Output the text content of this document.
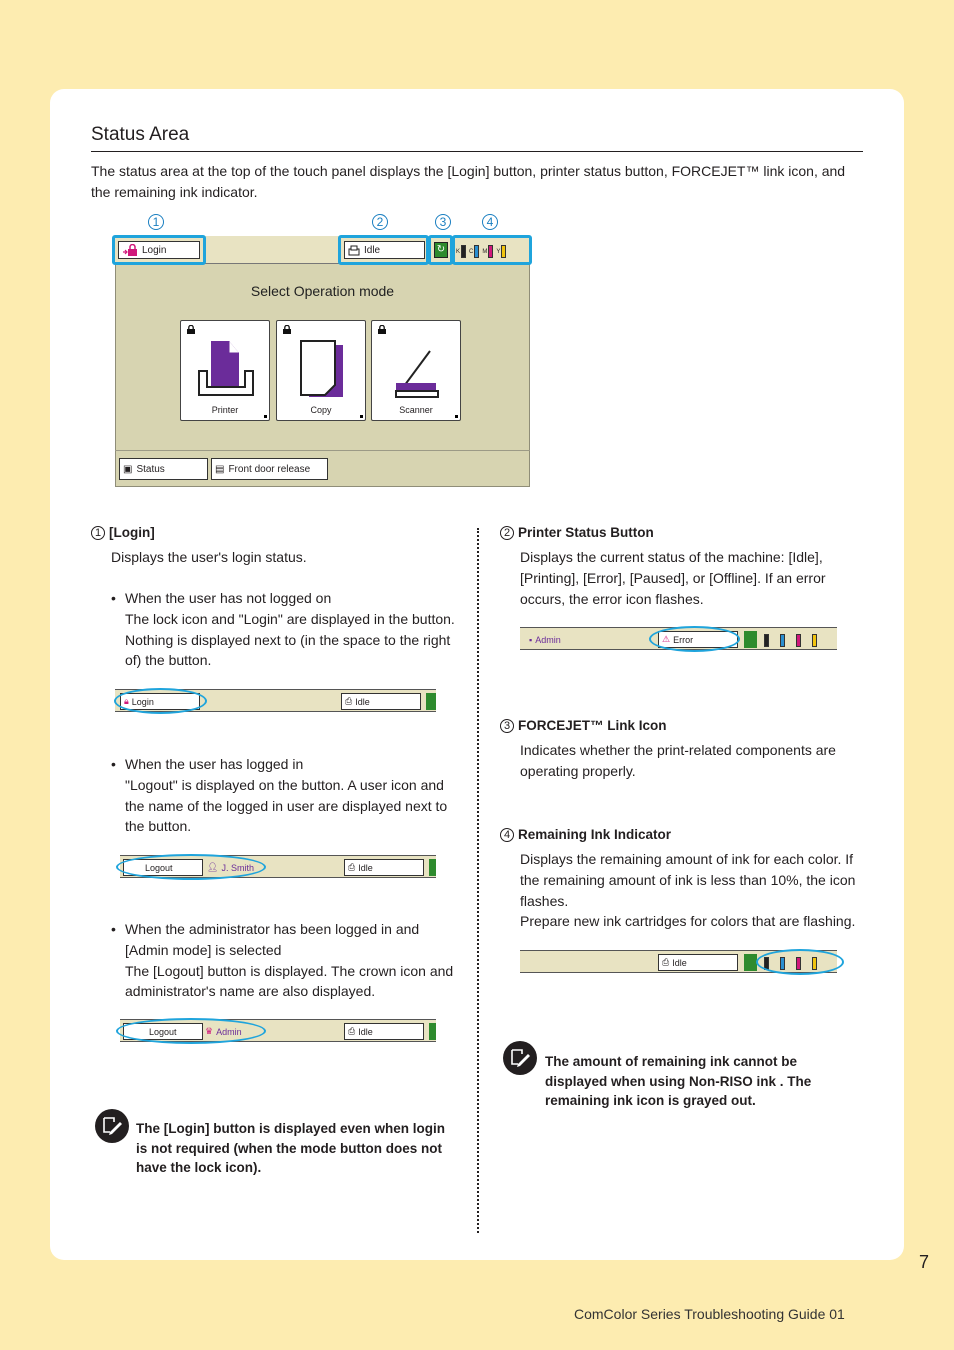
Status Area
The status area at the top of the touch panel displays the [Login] button, printer status button, FORCEJET™ link icon, and the remaining ink indicator.
1	2	3	4
Login	Idle	↻	K C M Y
Select Operation mode
Printer	Copy	Scanner
▣ Status	▤ Front door release
1 [Login]
Displays the user's login status.
• When the user has not logged on
The lock icon and "Login" are displayed in the button. Nothing is displayed next to (in the space to the right of) the button.
🔒︎ Login	⎙ Idle
• When the user has logged in
"Logout" is displayed on the button. A user icon and the name of the logged in user are displayed next to the button.
Logout	👤︎ J. Smith	⎙ Idle
• When the administrator has been logged in and [Admin mode] is selected
The [Logout] button is displayed. The crown icon and administrator's name are also displayed.
Logout	♛ Admin	⎙ Idle
The [Login] button is displayed even when login is not required (when the mode button does not have the lock icon).
2 Printer Status Button
Displays the current status of the machine: [Idle], [Printing], [Error], [Paused], or [Offline]. If an error occurs, the error icon flashes.
▪ Admin	⚠ Error
3 FORCEJET™ Link Icon
Indicates whether the print-related components are operating properly.
4 Remaining Ink Indicator
Displays the remaining amount of ink for each color. If the remaining amount of ink is less than 10%, the icon flashes.
Prepare new ink cartridges for colors that are flashing.
⎙ Idle
The amount of remaining ink cannot be displayed when using Non-RISO ink . The remaining ink icon is grayed out.
7
ComColor Series Troubleshooting Guide 01
